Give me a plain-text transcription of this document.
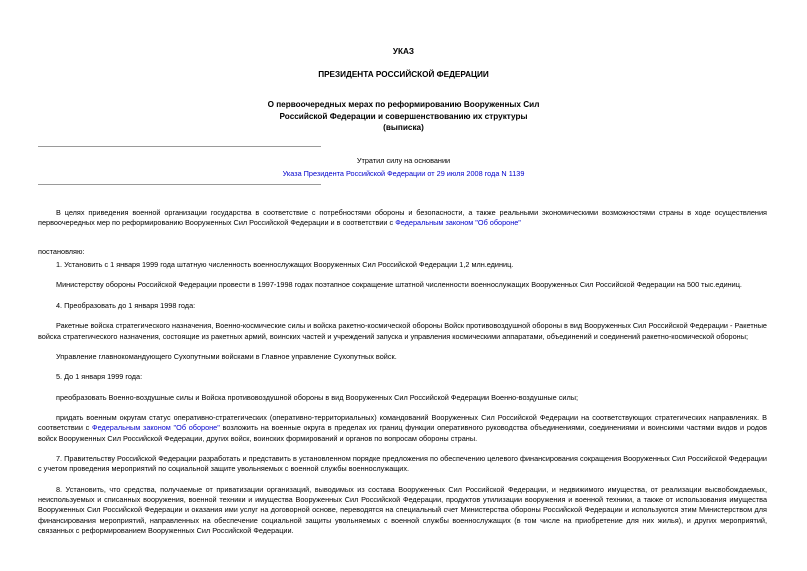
УКАЗ

ПРЕЗИДЕНТА РОССИЙСКОЙ ФЕДЕРАЦИИ

О первоочередных мерах по реформированию Вооруженных Сил
Российской Федерации и совершенствованию их структуры
(выписка)

Утратил силу на основании

Указа Президента Российской Федерации от 29 июля 2008 года N 1139

В целях приведения военной организации государства в соответствие с потребностями обороны и безопасности, а также реальными экономическими возможностями страны в ходе осуществления первоочередных мер по реформированию Вооруженных Сил Российской Федерации и в соответствии с Федеральным законом "Об обороне"

постановляю:

1. Установить с 1 января 1999 года штатную численность военнослужащих Вооруженных Сил Российской Федерации 1,2 млн.единиц.

Министерству обороны Российской Федерации провести в 1997-1998 годах поэтапное сокращение штатной численности военнослужащих Вооруженных Сил Российской Федерации на 500 тыс.единиц.

4. Преобразовать до 1 января 1998 года:

Ракетные войска стратегического назначения, Военно-космические силы и войска ракетно-космической обороны Войск противовоздушной обороны в вид Вооруженных Сил Российской Федерации - Ракетные войска стратегического назначения, состоящие из ракетных армий, воинских частей и учреждений запуска и управления космическими аппаратами, объединений и соединений ракетно-космической обороны;

Управление главнокомандующего Сухопутными войсками в Главное управление Сухопутных войск.

5. До 1 января 1999 года:

преобразовать Военно-воздушные силы и Войска противовоздушной обороны в вид Вооруженных Сил Российской Федерации Военно-воздушные силы;

придать военным округам статус оперативно-стратегических (оперативно-территориальных) командований Вооруженных Сил Российской Федерации на соответствующих стратегических направлениях. В соответствии с Федеральным законом "Об обороне" возложить на военные округа в пределах их границ функции оперативного руководства объединениями, соединениями и воинскими частями видов и родов войск Вооруженных Сил Российской Федерации, других войск, воинских формирований и органов по вопросам обороны страны.

7. Правительству Российской Федерации разработать и представить в установленном порядке предложения по обеспечению целевого финансирования сокращения Вооруженных Сил Российской Федерации с учетом проведения мероприятий по социальной защите увольняемых с военной службы военнослужащих.

8. Установить, что средства, получаемые от приватизации организаций, выводимых из состава Вооруженных Сил Российской Федерации, и недвижимого имущества, от реализации высвобождаемых, неиспользуемых и списанных вооружения, военной техники и имущества Вооруженных Сил Российской Федерации, продуктов утилизации вооружения и военной техники, а также от использования имущества Вооруженных Сил Российской Федерации и оказания ими услуг на договорной основе, переводятся на специальный счет Министерства обороны Российской Федерации и используются этим Министерством для финансирования мероприятий, направленных на обеспечение социальной защиты увольняемых с военной службы военнослужащих (в том числе на приобретение для них жилья), и других мероприятий, связанных с реформированием Вооруженных Сил Российской Федерации.
